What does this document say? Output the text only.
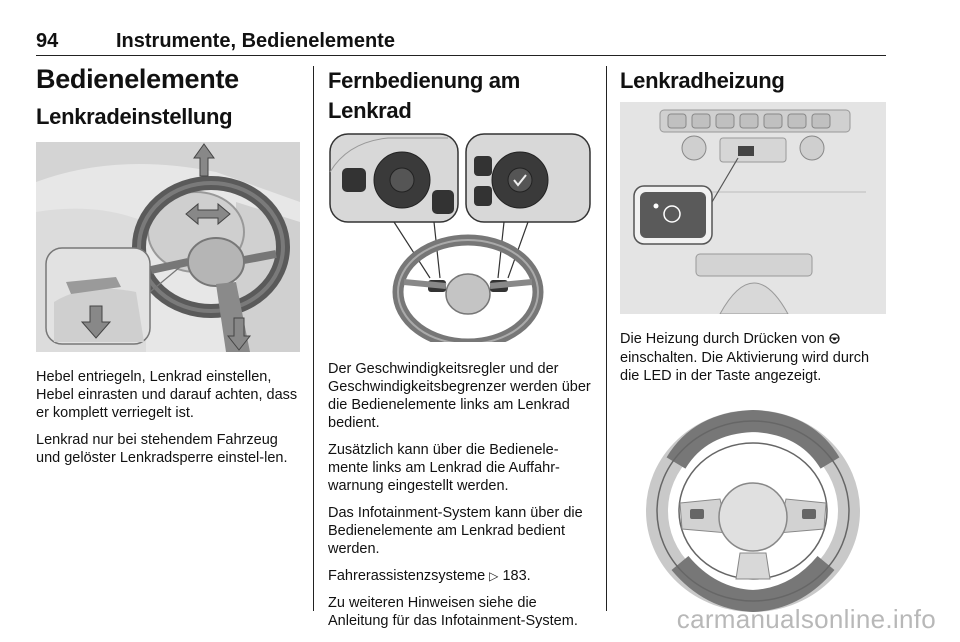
94	Instrumente, Bedienelemente
Bedienelemente
Lenkradeinstellung

Hebel entriegeln, Lenkrad einstellen, Hebel einrasten und darauf achten, dass er komplett verriegelt ist.

Lenkrad nur bei stehendem Fahrzeug und gelöster Lenkradsperre einstel-len.

Fernbedienung am Lenkrad

Der Geschwindigkeitsregler und der Geschwindigkeitsbegrenzer werden über die Bedienelemente links am Lenkrad bedient.

Zusätzlich kann über die Bedienele-mente links am Lenkrad die Auffahr-warnung eingestellt werden.

Das Infotainment-System kann über die Bedienelemente am Lenkrad bedient werden.

Fahrerassistenzsysteme ▷ 183.

Zu weiteren Hinweisen siehe die Anleitung für das Infotainment-System.

Lenkradheizung

Die Heizung durch Drücken von  einschalten. Die Aktivierung wird durch die LED in der Taste angezeigt.

carmanualsonline.info
